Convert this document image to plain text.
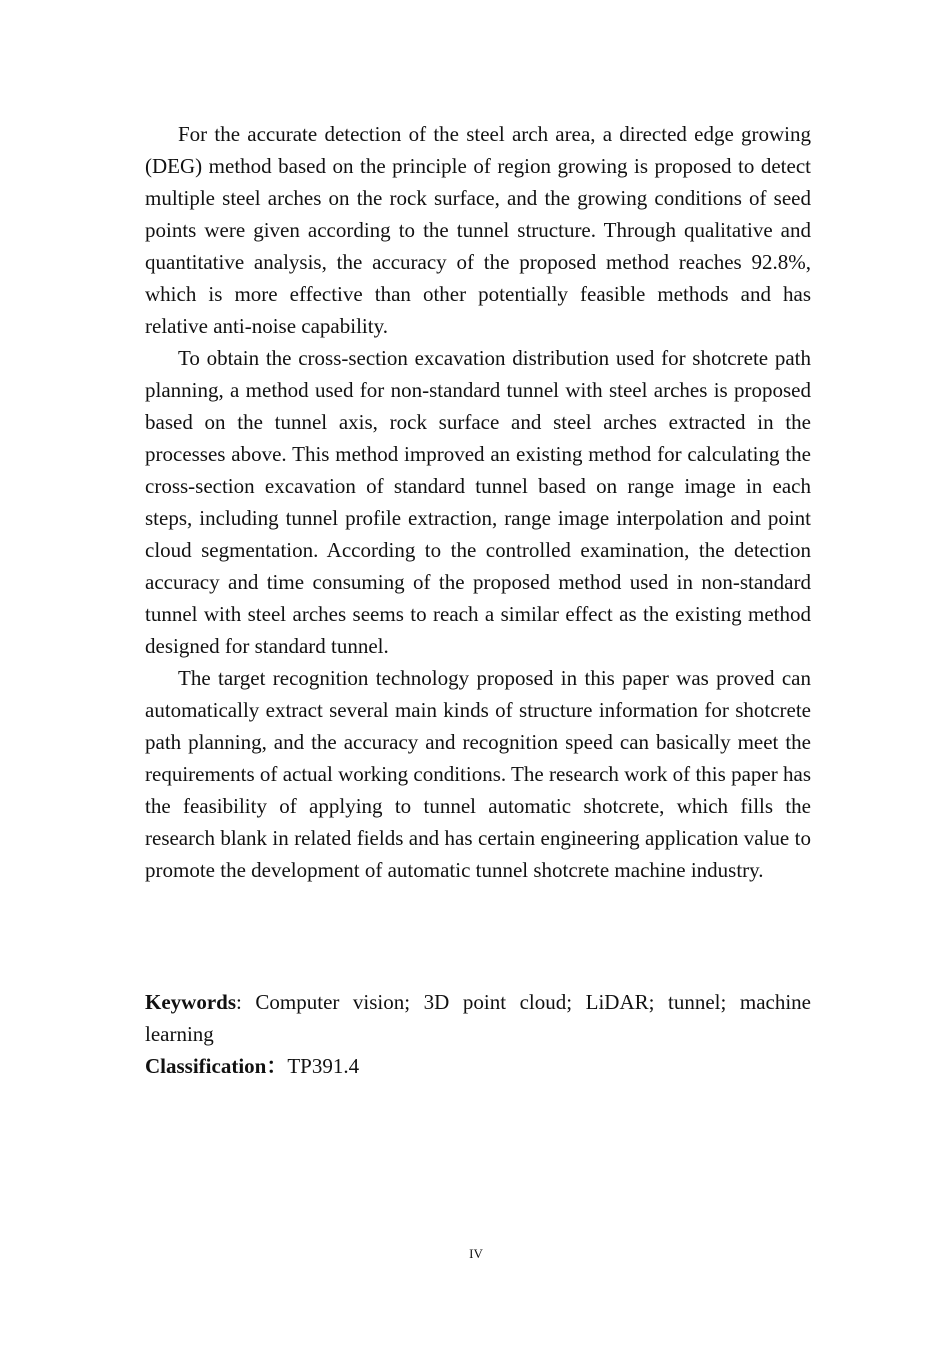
For the accurate detection of the steel arch area, a directed edge growing (DEG) method based on the principle of region growing is proposed to detect multiple steel arches on the rock surface, and the growing conditions of seed points were given according to the tunnel structure. Through qualitative and quantitative analysis, the accuracy of the proposed method reaches 92.8%, which is more effective than other potentially feasible methods and has relative anti-noise capability.

To obtain the cross-section excavation distribution used for shotcrete path planning, a method used for non-standard tunnel with steel arches is proposed based on the tunnel axis, rock surface and steel arches extracted in the processes above. This method improved an existing method for calculating the cross-section excavation of standard tunnel based on range image in each steps, including tunnel profile extraction, range image interpolation and point cloud segmentation. According to the controlled examination, the detection accuracy and time consuming of the proposed method used in non-standard tunnel with steel arches seems to reach a similar effect as the existing method designed for standard tunnel.

The target recognition technology proposed in this paper was proved can automatically extract several main kinds of structure information for shotcrete path planning, and the accuracy and recognition speed can basically meet the requirements of actual working conditions. The research work of this paper has the feasibility of applying to tunnel automatic shotcrete, which fills the research blank in related fields and has certain engineering application value to promote the development of automatic tunnel shotcrete machine industry.

Keywords: Computer vision; 3D point cloud; LiDAR; tunnel; machine learning

Classification：TP391.4

IV
